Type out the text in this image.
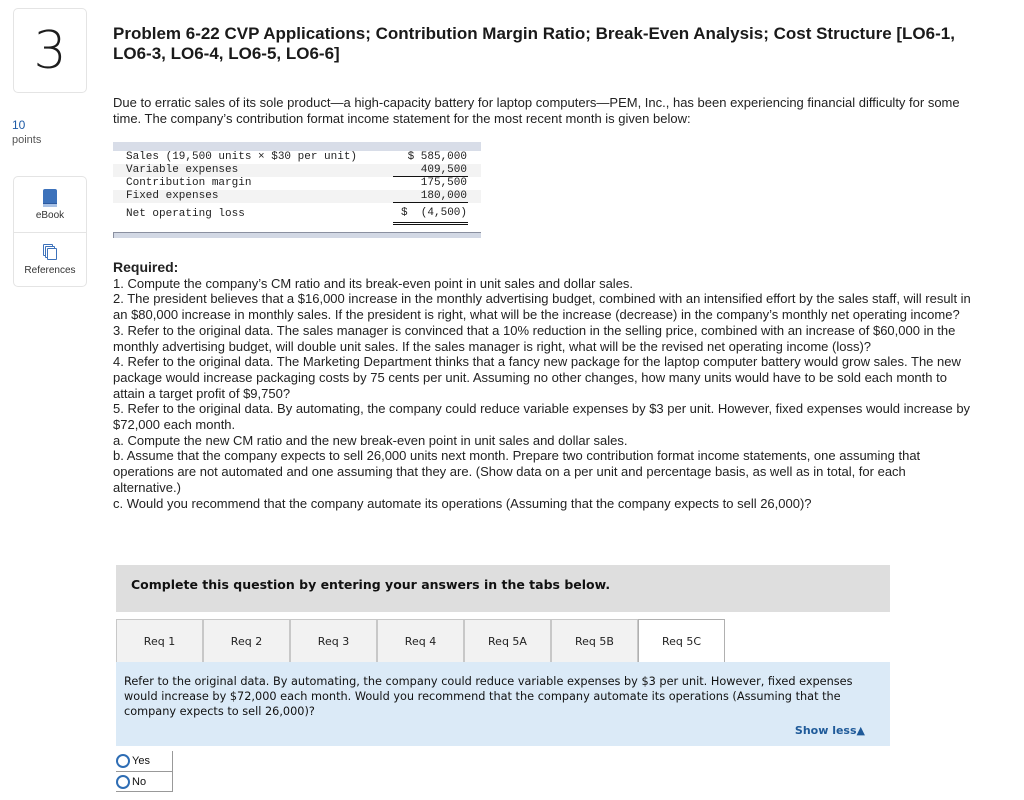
3
10
points
eBook
References
Problem 6-22 CVP Applications; Contribution Margin Ratio; Break-Even Analysis; Cost Structure [LO6-1, LO6-3, LO6-4, LO6-5, LO6-6]
Due to erratic sales of its sole product—a high-capacity battery for laptop computers—PEM, Inc., has been experiencing financial difficulty for some time. The company’s contribution format income statement for the most recent month is given below:
Sales (19,500 units × $30 per unit)	$ 585,000	
Variable expenses	409,500	
Contribution margin	175,500	
Fixed expenses	180,000	
Net operating loss	$  (4,500)	
Required:
1. Compute the company’s CM ratio and its break-even point in unit sales and dollar sales.
2. The president believes that a $16,000 increase in the monthly advertising budget, combined with an intensified effort by the sales staff, will result in an $80,000 increase in monthly sales. If the president is right, what will be the increase (decrease) in the company’s monthly net operating income?
3. Refer to the original data. The sales manager is convinced that a 10% reduction in the selling price, combined with an increase of $60,000 in the monthly advertising budget, will double unit sales. If the sales manager is right, what will be the revised net operating income (loss)?
4. Refer to the original data. The Marketing Department thinks that a fancy new package for the laptop computer battery would grow sales. The new package would increase packaging costs by 75 cents per unit. Assuming no other changes, how many units would have to be sold each month to attain a target profit of $9,750?
5. Refer to the original data. By automating, the company could reduce variable expenses by $3 per unit. However, fixed expenses would increase by $72,000 each month.
a. Compute the new CM ratio and the new break-even point in unit sales and dollar sales.
b. Assume that the company expects to sell 26,000 units next month. Prepare two contribution format income statements, one assuming that operations are not automated and one assuming that they are. (Show data on a per unit and percentage basis, as well as in total, for each alternative.)
c. Would you recommend that the company automate its operations (Assuming that the company expects to sell 26,000)?
Complete this question by entering your answers in the tabs below.
Req 1	Req 2	Req 3	Req 4	Req 5A	Req 5B	Req 5C
Refer to the original data. By automating, the company could reduce variable expenses by $3 per unit. However, fixed expenses would increase by $72,000 each month. Would you recommend that the company automate its operations (Assuming that the company expects to sell 26,000)?
Show less▲
Yes
No
